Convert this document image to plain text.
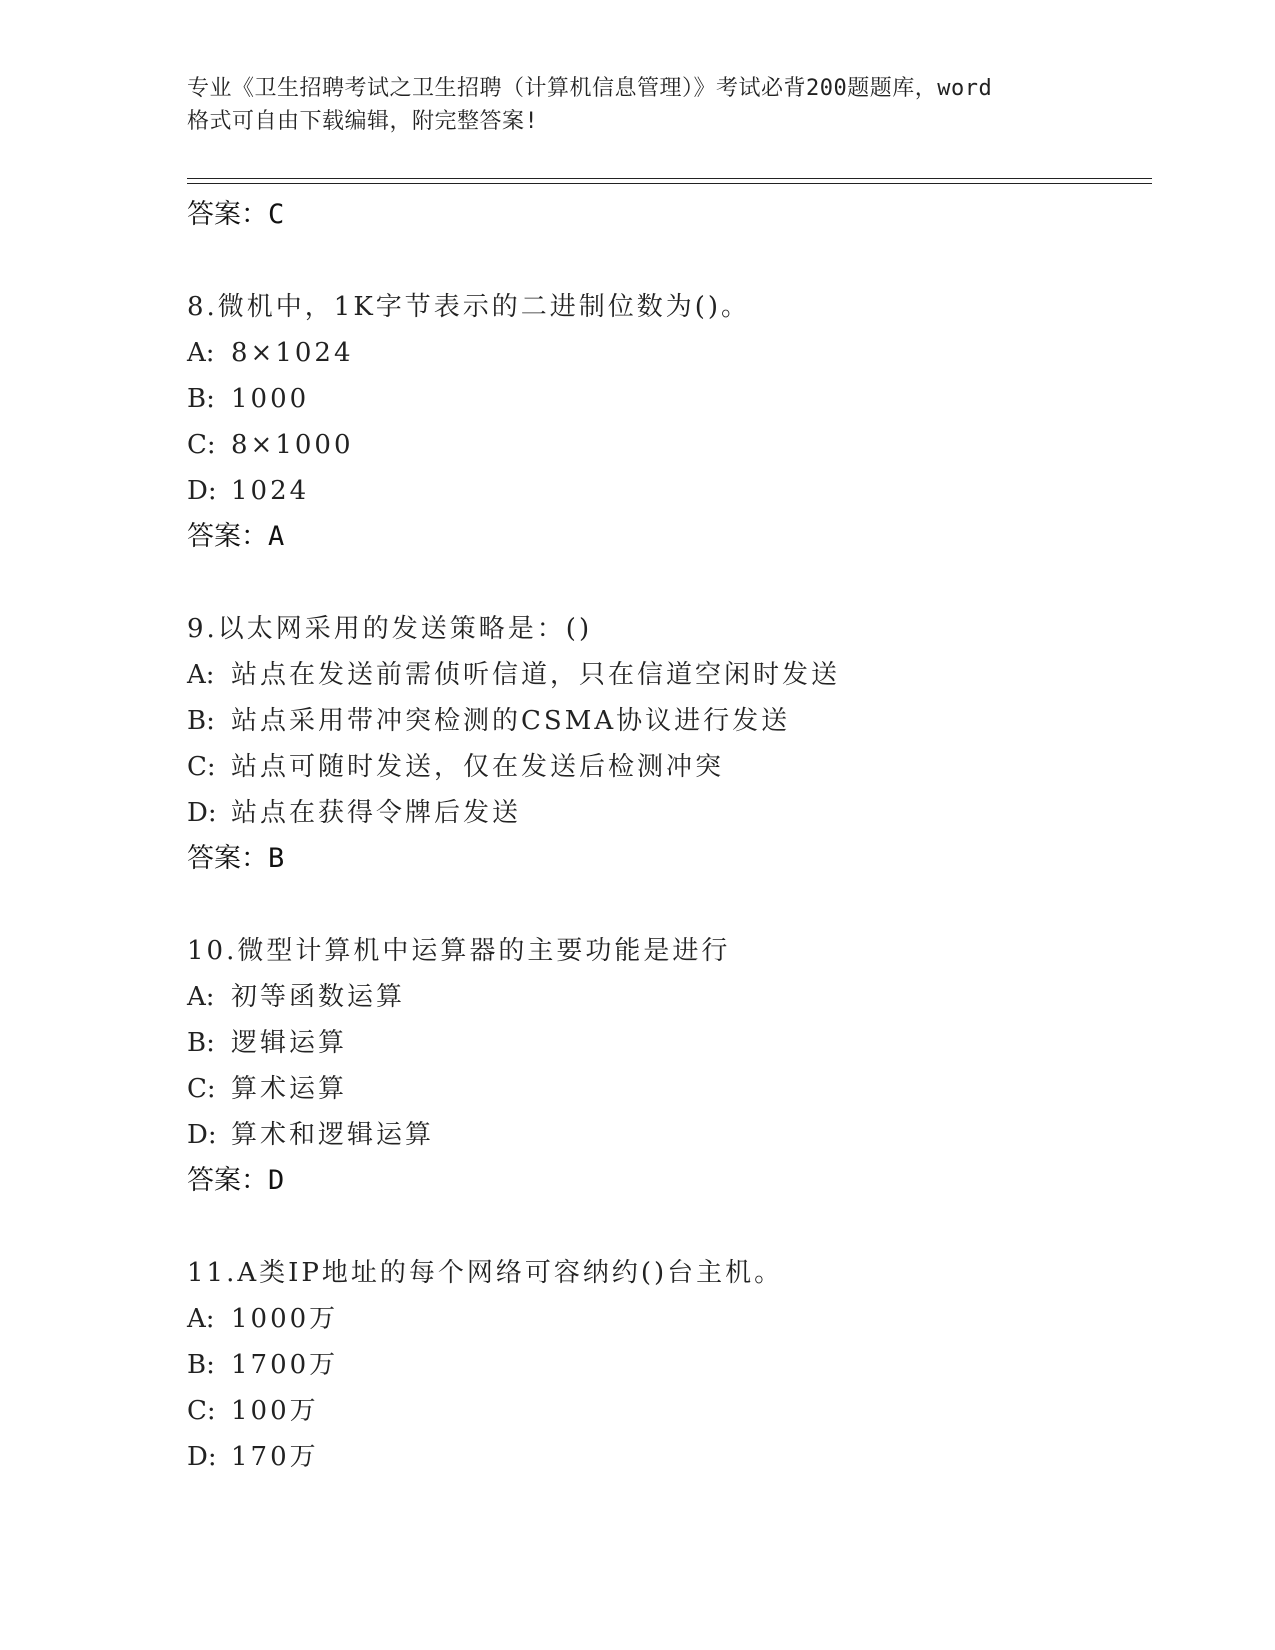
专业《卫生招聘考试之卫生招聘（计算机信息管理）》考试必背200题题库，word
格式可自由下载编辑，附完整答案!
答案：C
8.微机中，1K字节表示的二进制位数为()。
A: 8×1024
B: 1000
C: 8×1000
D: 1024
答案：A
9.以太网采用的发送策略是：()
A: 站点在发送前需侦听信道，只在信道空闲时发送
B: 站点采用带冲突检测的CSMA协议进行发送
C: 站点可随时发送，仅在发送后检测冲突
D: 站点在获得令牌后发送
答案：B
10.微型计算机中运算器的主要功能是进行
A: 初等函数运算
B: 逻辑运算
C: 算术运算
D: 算术和逻辑运算
答案：D
11.A类IP地址的每个网络可容纳约()台主机。
A: 1000万
B: 1700万
C: 100万
D: 170万
